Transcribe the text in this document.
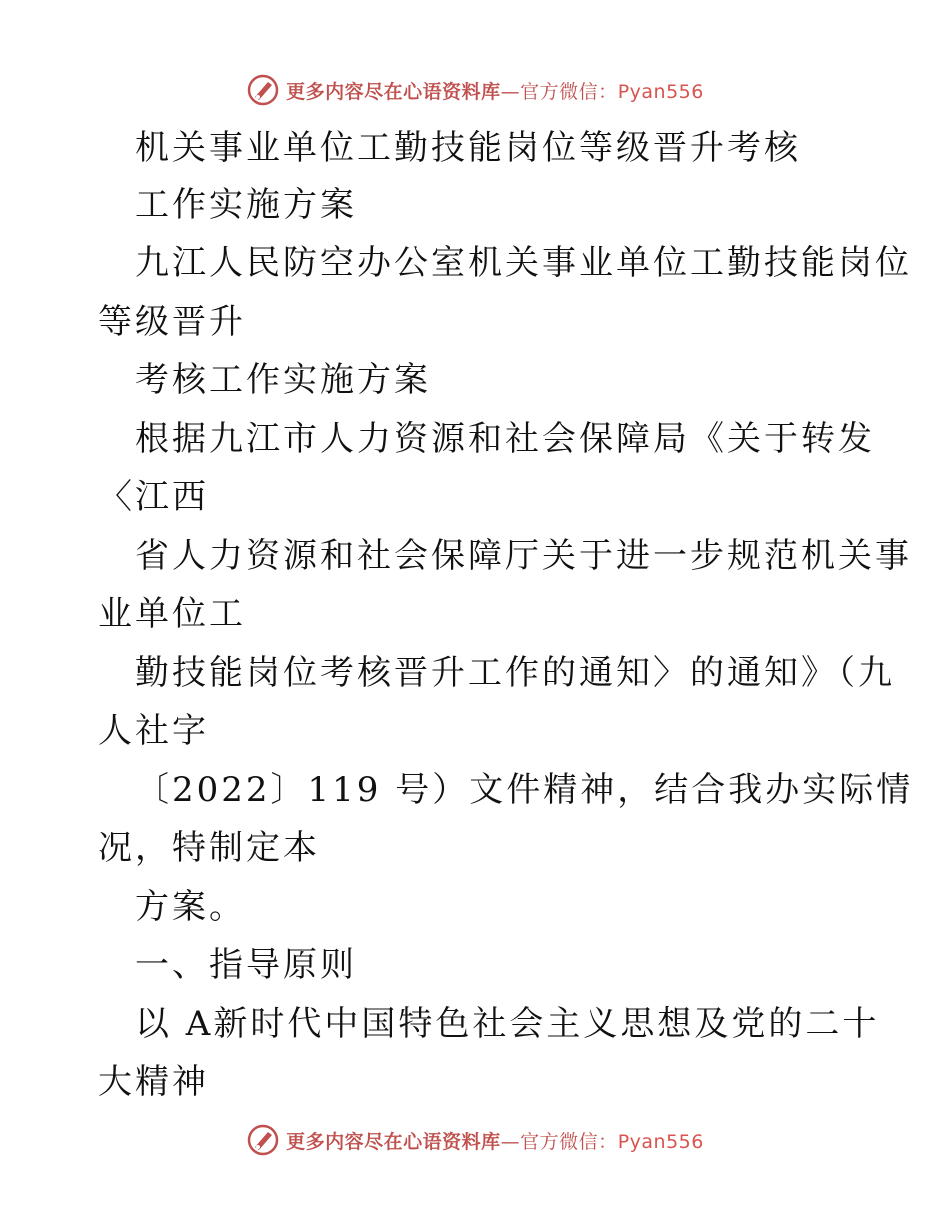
更多内容尽在心语资料库—官方微信：Pyan556
机关事业单位工勤技能岗位等级晋升考核
工作实施方案
九江人民防空办公室机关事业单位工勤技能岗位
等级晋升
考核工作实施方案
根据九江市人力资源和社会保障局《关于转发
〈江西
省人力资源和社会保障厅关于进一步规范机关事
业单位工
勤技能岗位考核晋升工作的通知〉的通知》（九
人社字
〔2022〕119 号）文件精神，结合我办实际情
况，特制定本
方案。
一、指导原则
以 A新时代中国特色社会主义思想及党的二十
大精神
更多内容尽在心语资料库—官方微信：Pyan556
